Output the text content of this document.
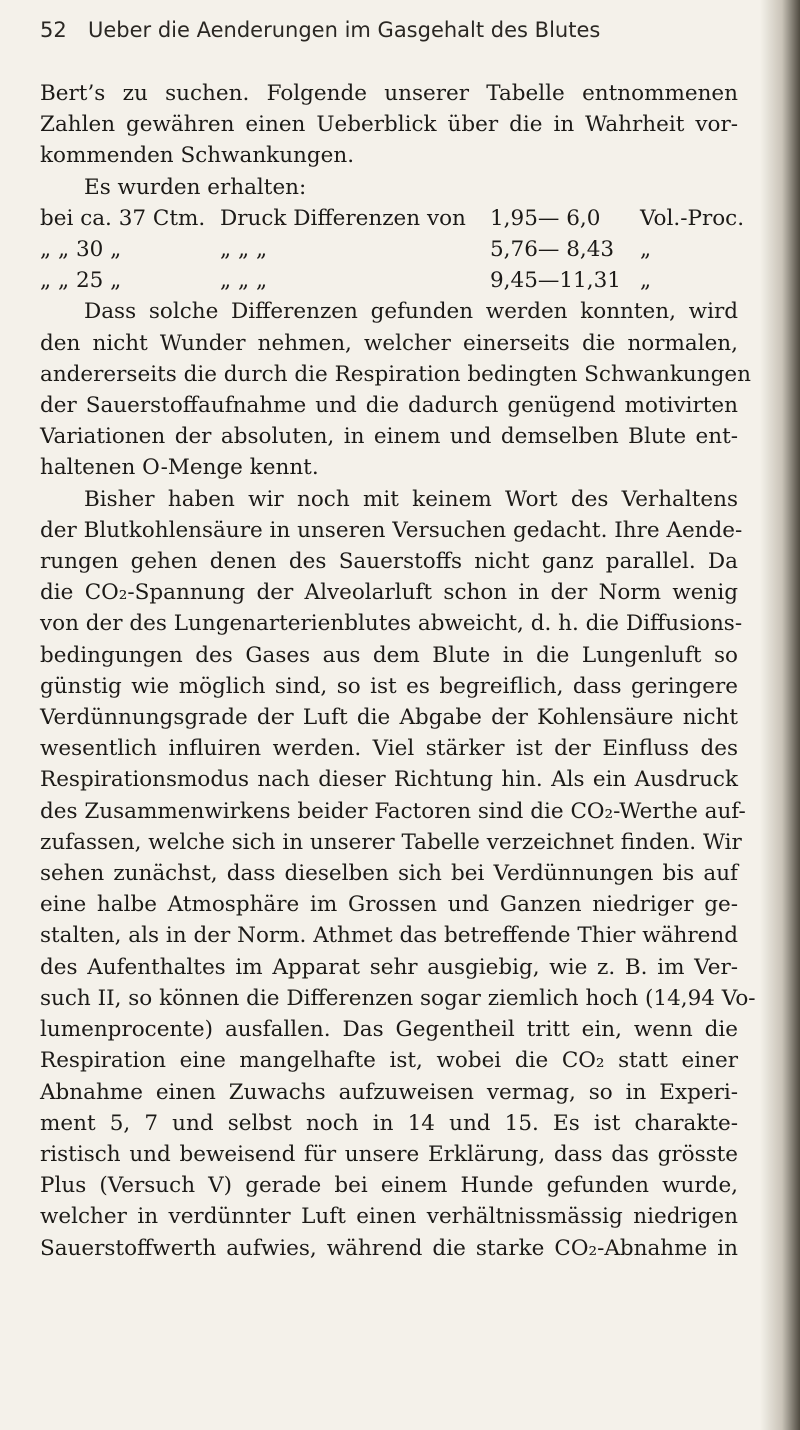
52 Ueber die Aenderungen im Gasgehalt des Blutes
Bert’s zu suchen. Folgende unserer Tabelle entnommenen
Zahlen gewähren einen Ueberblick über die in Wahrheit vor-
kommenden Schwankungen.
Es wurden erhalten:
bei ca. 37 Ctm. Druck Differenzen von	1,95— 6,0	Vol.-Proc.
„ „ 30 „	„ „ „	5,76— 8,43	„
„ „ 25 „	„ „ „	9,45—11,31 „
Dass solche Differenzen gefunden werden konnten, wird
den nicht Wunder nehmen, welcher einerseits die normalen,
andererseits die durch die Respiration bedingten Schwankungen
der Sauerstoffaufnahme und die dadurch genügend motivirten
Variationen der absoluten, in einem und demselben Blute ent-
haltenen O-Menge kennt.
Bisher haben wir noch mit keinem Wort des Verhaltens
der Blutkohlensäure in unseren Versuchen gedacht. Ihre Aende-
rungen gehen denen des Sauerstoffs nicht ganz parallel. Da
die CO₂-Spannung der Alveolarluft schon in der Norm wenig
von der des Lungenarterienblutes abweicht, d. h. die Diffusions-
bedingungen des Gases aus dem Blute in die Lungenluft so
günstig wie möglich sind, so ist es begreiflich, dass geringere
Verdünnungsgrade der Luft die Abgabe der Kohlensäure nicht
wesentlich influiren werden. Viel stärker ist der Einfluss des
Respirationsmodus nach dieser Richtung hin. Als ein Ausdruck
des Zusammenwirkens beider Factoren sind die CO₂-Werthe auf-
zufassen, welche sich in unserer Tabelle verzeichnet finden. Wir
sehen zunächst, dass dieselben sich bei Verdünnungen bis auf
eine halbe Atmosphäre im Grossen und Ganzen niedriger ge-
stalten, als in der Norm. Athmet das betreffende Thier während
des Aufenthaltes im Apparat sehr ausgiebig, wie z. B. im Ver-
such II, so können die Differenzen sogar ziemlich hoch (14,94 Vo-
lumenprocente) ausfallen. Das Gegentheil tritt ein, wenn die
Respiration eine mangelhafte ist, wobei die CO₂ statt einer
Abnahme einen Zuwachs aufzuweisen vermag, so in Experi-
ment 5, 7 und selbst noch in 14 und 15. Es ist charakte-
ristisch und beweisend für unsere Erklärung, dass das grösste
Plus (Versuch V) gerade bei einem Hunde gefunden wurde,
welcher in verdünnter Luft einen verhältnissmässig niedrigen
Sauerstoffwerth aufwies, während die starke CO₂-Abnahme in
